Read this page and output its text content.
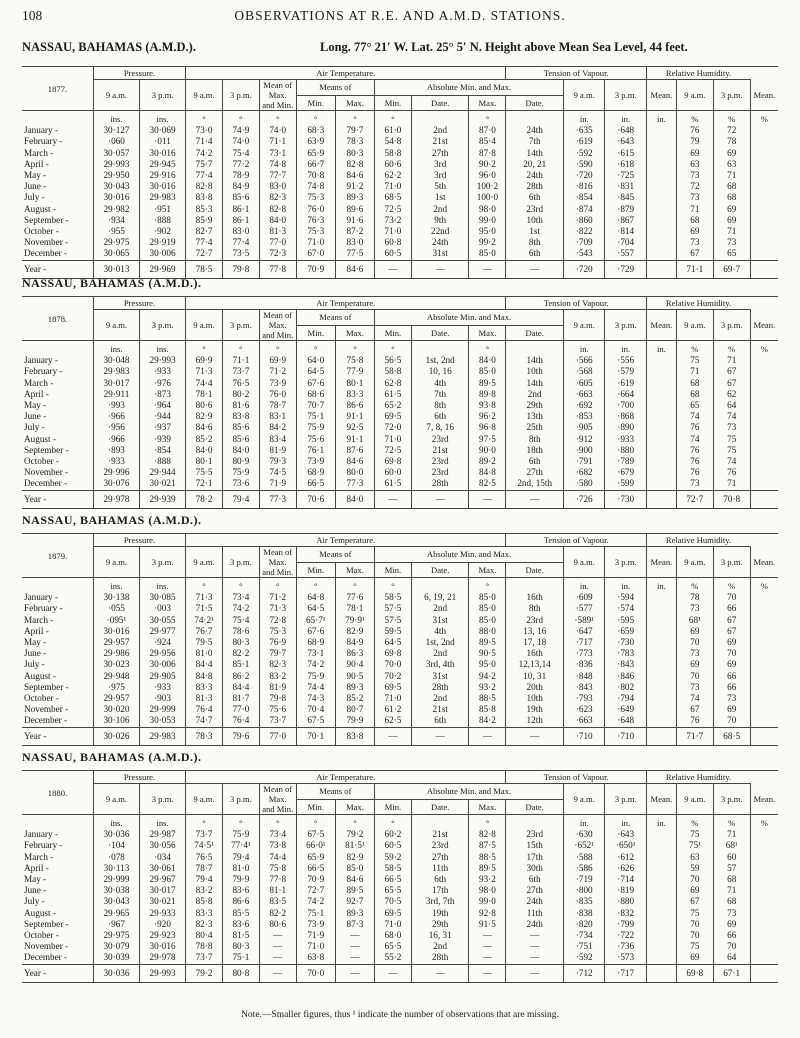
108	OBSERVATIONS AT R.E. AND A.M.D. STATIONS.
NASSAU, BAHAMAS (A.M.D.).	Long. 77° 21′ W. Lat. 25° 5′ N. Height above Mean Sea Level, 44 feet.
1877.	Pressure.		Air Temperature.								Tension of Vapour.			Relative Humidity.			
	9 a.m.	3 p.m.	9 a.m.	3 p.m.	Mean of Max. and Min.	Means of		Absolute Min. and Max.				9 a.m.	3 p.m.	Mean.	9 a.m.	3 p.m.	Mean.
						Min.	Max.	Min.	Date.	Max.	Date.						
	ins.	ins.	°	°	°	°	°	°		°		in.	in.	in.	%	%	%
January -	30·127	30·069	73·0	74·9	74·0	68·3	79·7	61·0	2nd	87·0	24th	·635	·648		76	72	
February -	·060	·011	71·4	74·0	71·1	63·9	78·3	54·8	21st	85·4	7th	·619	·643		79	78	
March -	30·057	30·016	74·2	75·4	73·1	65·9	80·3	58·8	27th	87·8	14th	·592	·615		69	69	
April -	29·993	29·945	75·7	77·2	74·8	66·7	82·8	60·6	3rd	90·2	20, 21	·590	·618		63	63	
May -	29·950	29·916	77·4	78·9	77·7	70·8	84·6	62·2	3rd	96·0	24th	·720	·725		73	71	
June -	30·043	30·016	82·8	84·9	83·0	74·8	91·2	71·0	5th	100·2	28th	·816	·831		72	68	
July -	30·016	29·983	83·8	85·6	82·3	75·3	89·3	68·5	1st	100·0	6th	·854	·845		73	68	
August -	29·982	·951	85·3	86·1	82·8	76·0	89·6	72·5	2nd	98·0	23rd	·874	·879		71	69	
September -	·934	·888	85·9	86·1	84·0	76·3	91·6	73·2	9th	99·0	10th	·860	·867		68	69	
October -	·955	·902	82·7	83·0	81·3	75·3	87·2	71·0	22nd	95·0	1st	·822	·814		69	71	
November -	29·975	29·919	77·4	77·4	77·0	71·0	83·0	60·8	24th	99·2	8th	·709	·704		73	73	
December -	30·065	30·006	72·7	73·5	72·3	67·0	77·5	60·5	31st	85·0	6th	·543	·557		67	65	
Year -	30·013	29·969	78·5	79·8	77·8	70·9	84·6	—	—	—	—	·720	·729		71·1	69·7	
NASSAU, BAHAMAS (A.M.D.).
1878.	Pressure.		Air Temperature.								Tension of Vapour.			Relative Humidity.			
	9 a.m.	3 p.m.	9 a.m.	3 p.m.	Mean of Max. and Min.	Means of		Absolute Min. and Max.				9 a.m.	3 p.m.	Mean.	9 a.m.	3 p.m.	Mean.
						Min.	Max.	Min.	Date.	Max.	Date.						
	ins.	ins.	°	°	°	°	°	°		°		in.	in.	in.	%	%	%
January -	30·048	29·993	69·9	71·1	69·9	64·0	75·8	56·5	1st, 2nd	84·0	14th	·566	·556		75	71	
February -	29·983	·933	71·3	73·7	71·2	64·5	77·9	58·8	10, 16	85·0	10th	·568	·579		71	67	
March -	30·017	·976	74·4	76·5	73·9	67·6	80·1	62·8	4th	89·5	14th	·605	·619		68	67	
April -	29·911	·873	78·1	80·2	76·0	68·6	83·3	61·5	7th	89·8	2nd	·663	·664		68	62	
May -	·993	·964	80·6	81·6	78·7	70·7	86·6	65·2	8th	93·8	29th	·692	·700		65	64	
June -	·966	·944	82·9	83·8	83·1	75·1	91·1	69·5	6th	96·2	13th	·853	·868		74	74	
July -	·956	·937	84·6	85·6	84·2	75·9	92·5	72·0	7, 8, 16	96·8	25th	·905	·890		76	73	
August -	·966	·939	85·2	85·6	83·4	75·6	91·1	71·0	23rd	97·5	8th	·912	·933		74	75	
September -	·893	·854	84·0	84·0	81·9	76·1	87·6	72·5	21st	90·0	18th	·900	·880		76	75	
October -	·933	·888	80·1	80·9	79·3	73·9	84·6	69·8	23rd	89·2	6th	·791	·789		76	74	
November -	29·996	29·944	75·5	75·9	74·5	68·9	80·0	60·0	23rd	84·8	27th	·682	·679		76	76	
December -	30·076	30·021	72·1	73·6	71·9	66·5	77·3	61·5	28th	82·5	2nd, 15th	·580	·599		73	71	
Year -	29·978	29·939	78·2	79·4	77·3	70·6	84·0	—	—	—	—	·726	·730		72·7	70·8	
NASSAU, BAHAMAS (A.M.D.).
1879.	Pressure.		Air Temperature.								Tension of Vapour.			Relative Humidity.			
	9 a.m.	3 p.m.	9 a.m.	3 p.m.	Mean of Max. and Min.	Means of		Absolute Min. and Max.				9 a.m.	3 p.m.	Mean.	9 a.m.	3 p.m.	Mean.
						Min.	Max.	Min.	Date.	Max.	Date.						
	ins.	ins.	°	°	°	°	°	°		°		in.	in.	in.	%	%	%
January -	30·138	30·085	71·3	73·4	71·2	64·8	77·6	58·5	6, 19, 21	85·0	16th	·609	·594		78	70	
February -	·055	·003	71·5	74·2	71·3	64·5	78·1	57·5	2nd	85·0	8th	·577	·574		73	66	
March -	·095¹	30·055	74·2¹	75·4	72·8	65·7¹	79·9¹	57·5	31st	85·0	23rd	·589¹	·595		68¹	67	
April -	30·016	29·977	76·7	78·6	75·3	67·6	82·9	59·5	4th	88·0	13, 16	·647	·659		69	67	
May -	29·957	·924	79·5	80·3	76·9	68·9	84·9	64·5	1st, 2nd	89·5	17, 18	·717	·730		70	69	
June -	29·986	29·956	81·0	82·2	79·7	73·1	86·3	69·8	2nd	90·5	16th	·773	·783		73	70	
July -	30·023	30·006	84·4	85·1	82·3	74·2	90·4	70·0	3rd, 4th	95·0	12,13,14	·836	·843		69	69	
August -	29·948	29·905	84·8	86·2	83·2	75·9	90·5	70·2	31st	94·2	10, 31	·848	·846		70	66	
September -	·975	·933	83·3	84·4	81·9	74·4	89·3	69·5	28th	93·2	20th	·843	·802		73	66	
October -	29·957	·903	81·3	81·7	79·8	74·3	85·2	71·0	2nd	88·5	10th	·793	·794		74	73	
November -	30·020	29·999	76·4	77·0	75·6	70·4	80·7	61·2	21st	85·8	19th	·623	·649		67	69	
December -	30·106	30·053	74·7	76·4	73·7	67·5	79·9	62·5	6th	84·2	12th	·663	·648		76	70	
Year -	30·026	29·983	78·3	79·6	77·0	70·1	83·8	—	—	—	—	·710	·710		71·7	68·5	
NASSAU, BAHAMAS (A.M.D.).
1880.	Pressure.		Air Temperature.								Tension of Vapour.			Relative Humidity.			
	9 a.m.	3 p.m.	9 a.m.	3 p.m.	Mean of Max. and Min.	Means of		Absolute Min. and Max.				9 a.m.	3 p.m.	Mean.	9 a.m.	3 p.m.	Mean.
						Min.	Max.	Min.	Date.	Max.	Date.						
	ins.	ins.	°	°	°	°	°	°		°		in.	in.	in.	%	%	%
January -	30·036	29·987	73·7	75·9	73·4	67·5	79·2	60·2	21st	82·8	23rd	·630	·643		75	71	
February -	·104	30·056	74·5¹	77·4¹	73·8	66·0¹	81·5¹	60·5	23rd	87·5	15th	·652¹	·650¹		75¹	68¹	
March -	·078	·034	76·5	79·4	74·4	65·9	82·9	59·2	27th	88·5	17th	·588	·612		63	60	
April -	30·113	30·061	78·7	81·0	75·8	66·5	85·0	58·5	11th	89·5	30th	·586	·626		59	57	
May -	29·999	29·967	79·4	79·9	77·8	70·9	84·6	66·5	6th	93·2	6th	·719	·714		70	68	
June -	30·038	30·017	83·2	83·6	81·1	72·7	89·5	65·5	17th	98·0	27th	·800	·819		69	71	
July -	30·043	30·021	85·8	86·6	83·5	74·2	92·7	70·5	3rd, 7th	99·0	24th	·835	·880		67	68	
August -	29·965	29·933	83·3	85·5	82·2	75·1	89·3	69·5	19th	92·8	11th	·838	·832		75	73	
September -	·967	·920	82·3	83·6	80·6	73·9	87·3	71·0	29th	91·5	24th	·820	·799		70	69	
October -	29·975	29·923	80·4	81·5	—	71·9	—	68·0	16, 31	—	—	·734	·722		70	66	
November -	30·079	30·016	78·8	80·3	—	71·0	—	65·5	2nd	—	—	·751	·736		75	70	
December -	30·039	29·978	73·7	75·1	—	63·8	—	55·2	28th	—	—	·592	·573		69	64	
Year -	30·036	29·993	79·2	80·8	—	70·0	—	—	—	—	—	·712	·717		69·8	67·1	
Note.—Smaller figures, thus ¹ indicate the number of observations that are missing.
